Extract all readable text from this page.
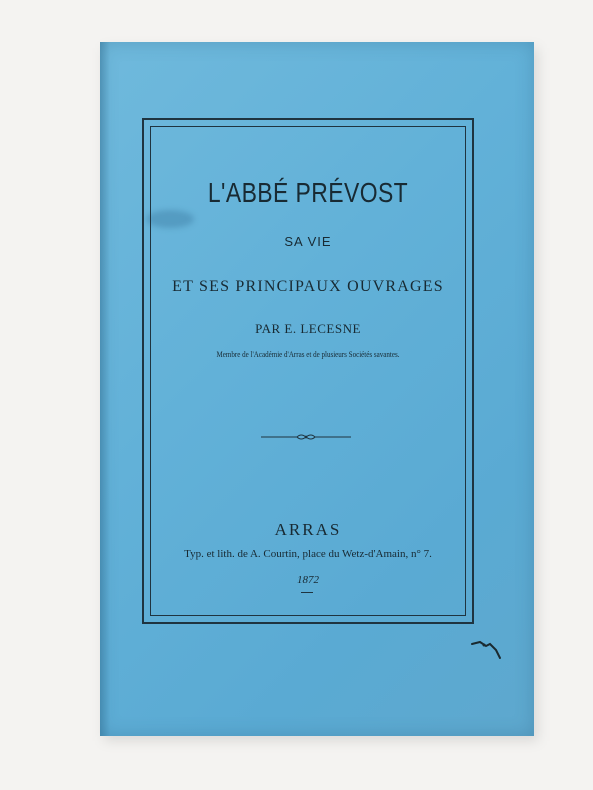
L'ABBÉ PRÉVOST
SA VIE
ET SES PRINCIPAUX OUVRAGES
PAR E. LECESNE
Membre de l'Académie d'Arras et de plusieurs Sociétés savantes.
ARRAS
Typ. et lith. de A. Courtin, place du Wetz-d'Amain, n° 7.
1872
